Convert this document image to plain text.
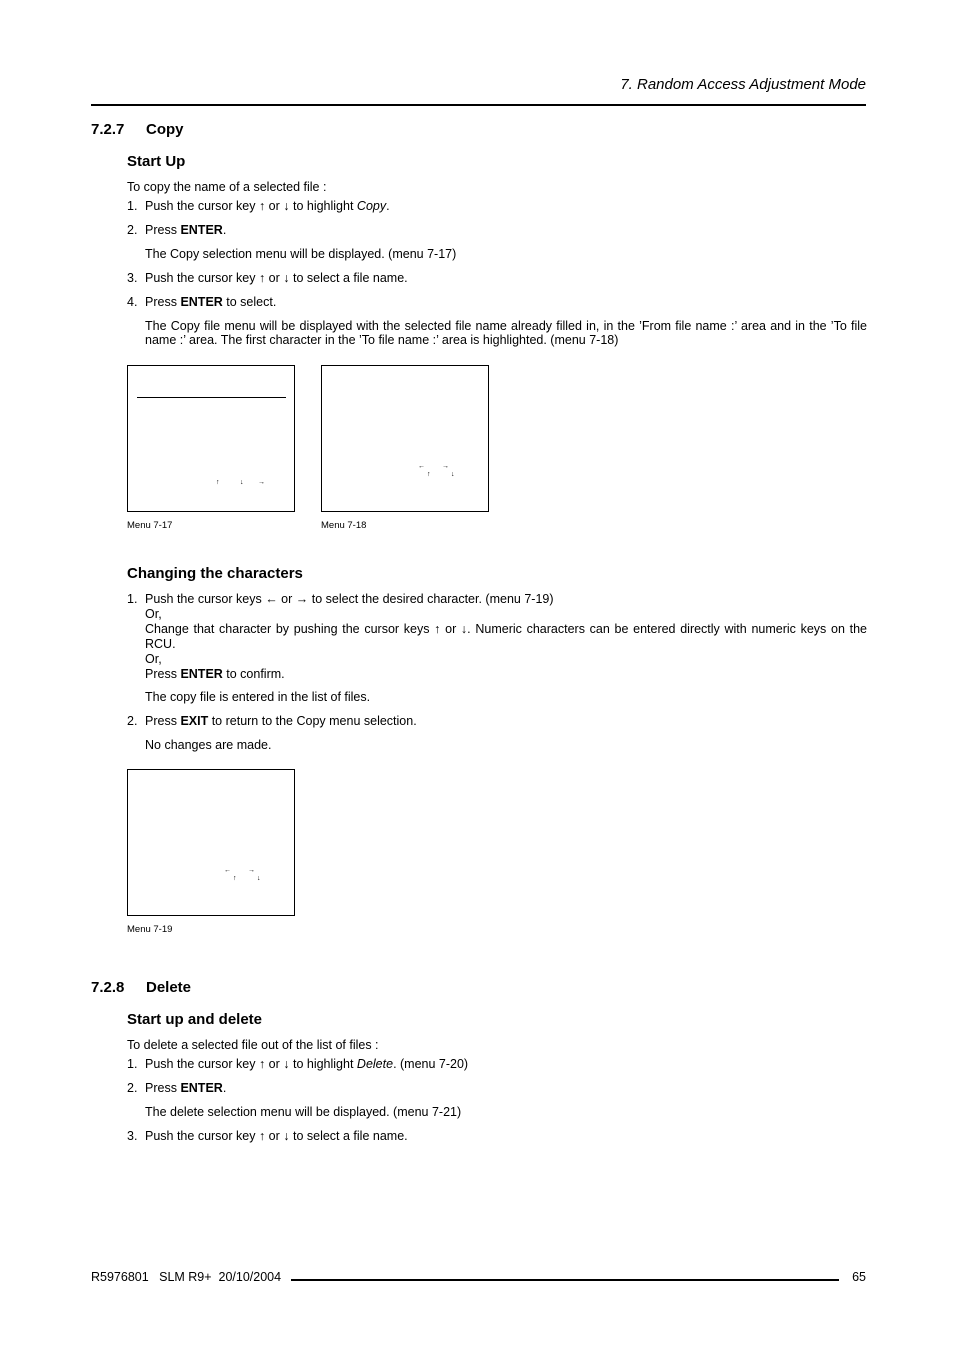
7. Random Access Adjustment Mode
7.2.7 Copy
Start Up
To copy the name of a selected file :
1. Push the cursor key ↑ or ↓ to highlight Copy.
2. Press ENTER.
The Copy selection menu will be displayed. (menu 7-17)
3. Push the cursor key ↑ or ↓ to select a file name.
4. Press ENTER to select.
The Copy file menu will be displayed with the selected file name already filled in, in the ’From file name :’ area and in the ’To file name :’ area. The first character in the ’To file name :’ area is highlighted. (menu 7-18)
↑	↓ →
Menu 7-17
← →
↑	↓
Menu 7-18
Changing the characters
1. Push the cursor keys ← or → to select the desired character. (menu 7-19)
Or,
Change that character by pushing the cursor keys ↑ or ↓. Numeric characters can be entered directly with numeric keys on the RCU.
Or,
Press ENTER to confirm.
The copy file is entered in the list of files.
2. Press EXIT to return to the Copy menu selection.
No changes are made.
← →
↑	↓
Menu 7-19
7.2.8 Delete
Start up and delete
To delete a selected file out of the list of files :
1. Push the cursor key ↑ or ↓ to highlight Delete. (menu 7-20)
2. Press ENTER.
The delete selection menu will be displayed. (menu 7-21)
3. Push the cursor key ↑ or ↓ to select a file name.
R5976801   SLM R9+  20/10/2004	65
